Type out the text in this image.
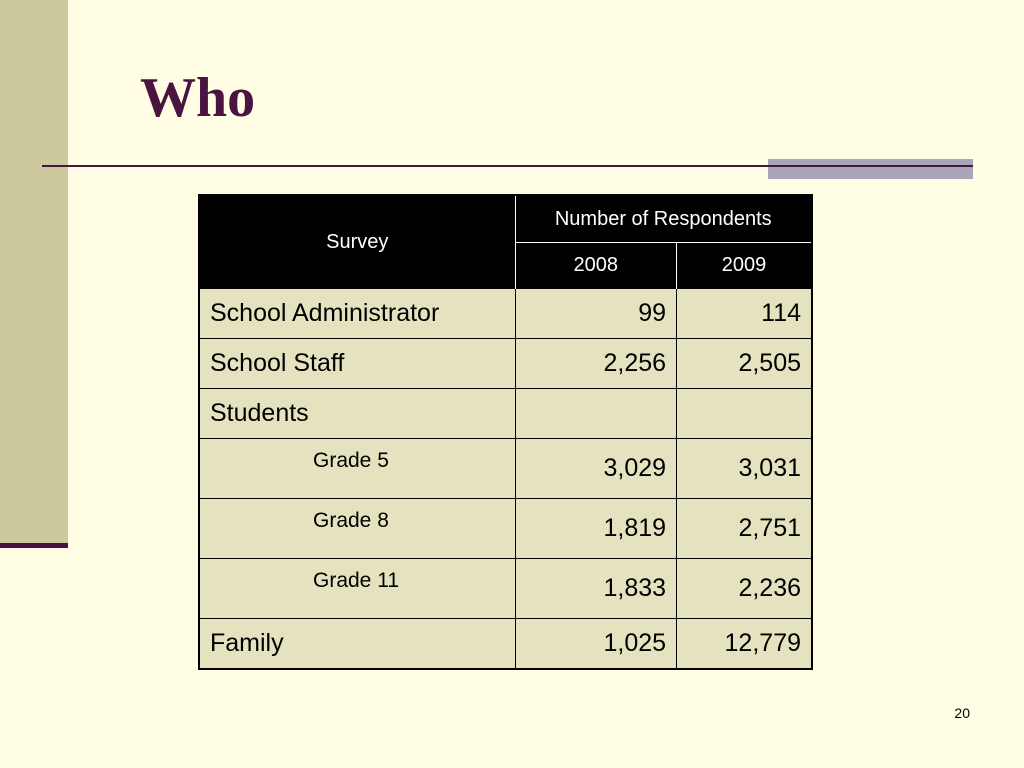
Who
Survey	Number of Respondents	
	2008	2009
School Administrator	99	114
School Staff	2,256	2,505
Students		
Grade 5	3,029	3,031
Grade 8	1,819	2,751
Grade 11	1,833	2,236
Family	1,025	12,779
20
